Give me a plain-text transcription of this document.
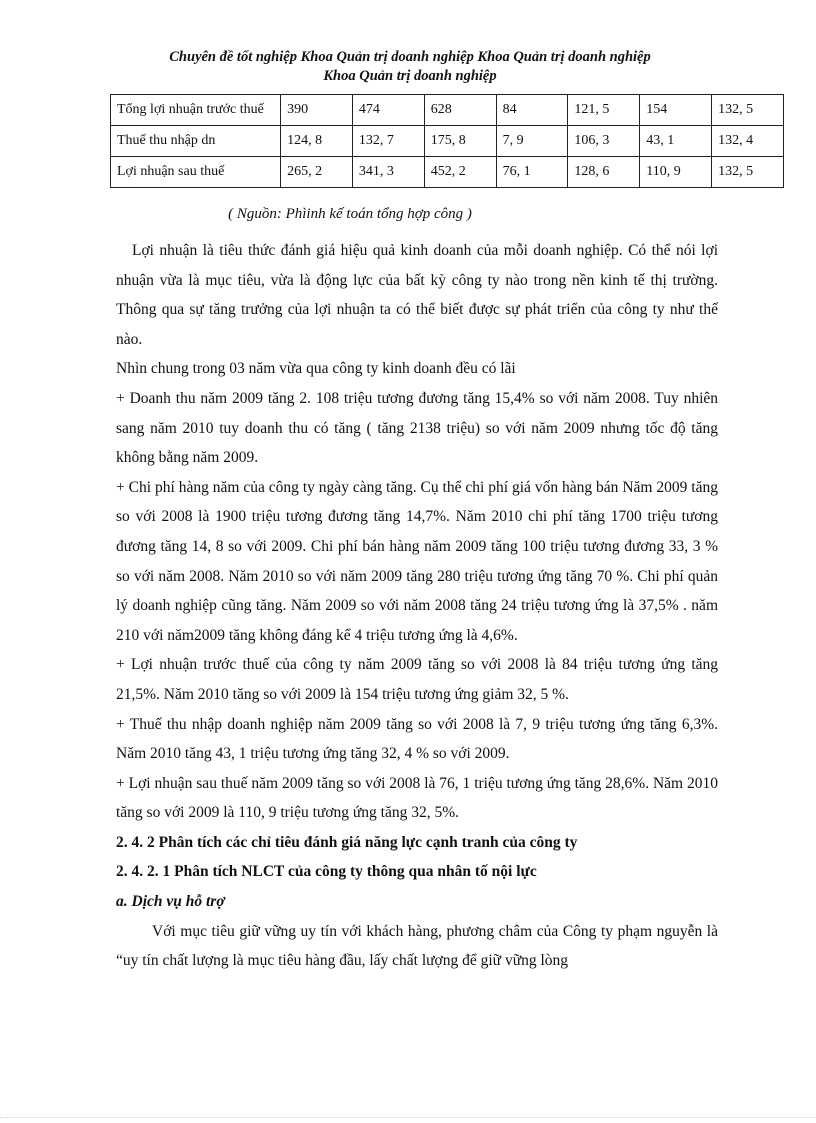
Chuyên đề tốt nghiệp Khoa Quản trị doanh nghiệp Khoa Quản trị doanh nghiệp
Khoa Quản trị doanh nghiệp
Tổng lợi nhuận trước thuế	390	474	628	84	121, 5	154	132, 5
Thuế thu nhập dn	124, 8	132, 7	175, 8	7, 9	106, 3	43, 1	132, 4
Lợi nhuận sau thuế	265, 2	341, 3	452, 2	76, 1	128, 6	110, 9	132, 5
( Nguồn: Phìinh kế toán tổng hợp công )

Lợi nhuận là tiêu thức đánh giá hiệu quả kinh doanh của mỗi doanh nghiệp. Có thể nói lợi nhuận vừa là mục tiêu, vừa là động lực của bất kỳ công ty nào trong nền kinh tế thị trường. Thông qua sự tăng trưởng của lợi nhuận ta có thể biết được sự phát triển của công ty như thế nào.

Nhìn chung trong 03 năm vừa qua công ty kinh doanh đều có lãi

+ Doanh thu năm 2009 tăng 2. 108 triệu tương đương tăng 15,4% so với năm 2008. Tuy nhiên sang năm 2010 tuy doanh thu có tăng ( tăng 2138 triệu) so với năm 2009 nhưng tốc độ tăng không bằng năm 2009.

+ Chi phí hàng năm của công ty ngày càng tăng. Cụ thể chi phí giá vốn hàng bán Năm 2009 tăng so với 2008 là 1900 triệu tương đương tăng 14,7%. Năm 2010 chi phí tăng 1700 triệu tương đương tăng 14, 8 so với 2009. Chi phí bán hàng năm 2009 tăng 100 triệu tương đương 33, 3 % so với năm 2008. Năm 2010 so với năm 2009 tăng 280 triệu tương ứng tăng 70 %. Chi phí quản lý doanh nghiệp cũng tăng. Năm 2009 so với năm 2008 tăng 24 triệu tương ứng là 37,5% . năm 210 với năm2009 tăng không đáng kể 4 triệu tương ứng là 4,6%.

+ Lợi nhuận trước thuế của công ty năm 2009 tăng so với 2008 là 84 triệu tương ứng tăng 21,5%. Năm 2010 tăng so với 2009 là 154 triệu tương ứng giảm 32, 5 %.

+ Thuế thu nhập doanh nghiệp năm 2009 tăng so với 2008 là 7, 9 triệu tương ứng tăng 6,3%. Năm 2010 tăng 43, 1 triệu tương ứng tăng 32, 4 % so với 2009.

+ Lợi nhuận sau thuế năm 2009 tăng so với 2008 là 76, 1 triệu tương ứng tăng 28,6%. Năm 2010 tăng so với 2009 là 110, 9 triệu tương ứng tăng 32, 5%.

2. 4. 2 Phân tích các chỉ tiêu đánh giá năng lực cạnh tranh của công ty

2. 4. 2. 1 Phân tích NLCT của công ty thông qua nhân tố nội lực

a. Dịch vụ hỗ trợ

Với mục tiêu giữ vững uy tín với khách hàng, phương châm của Công ty phạm nguyễn là “uy tín chất lượng là mục tiêu hàng đầu, lấy chất lượng để giữ vững lòng
